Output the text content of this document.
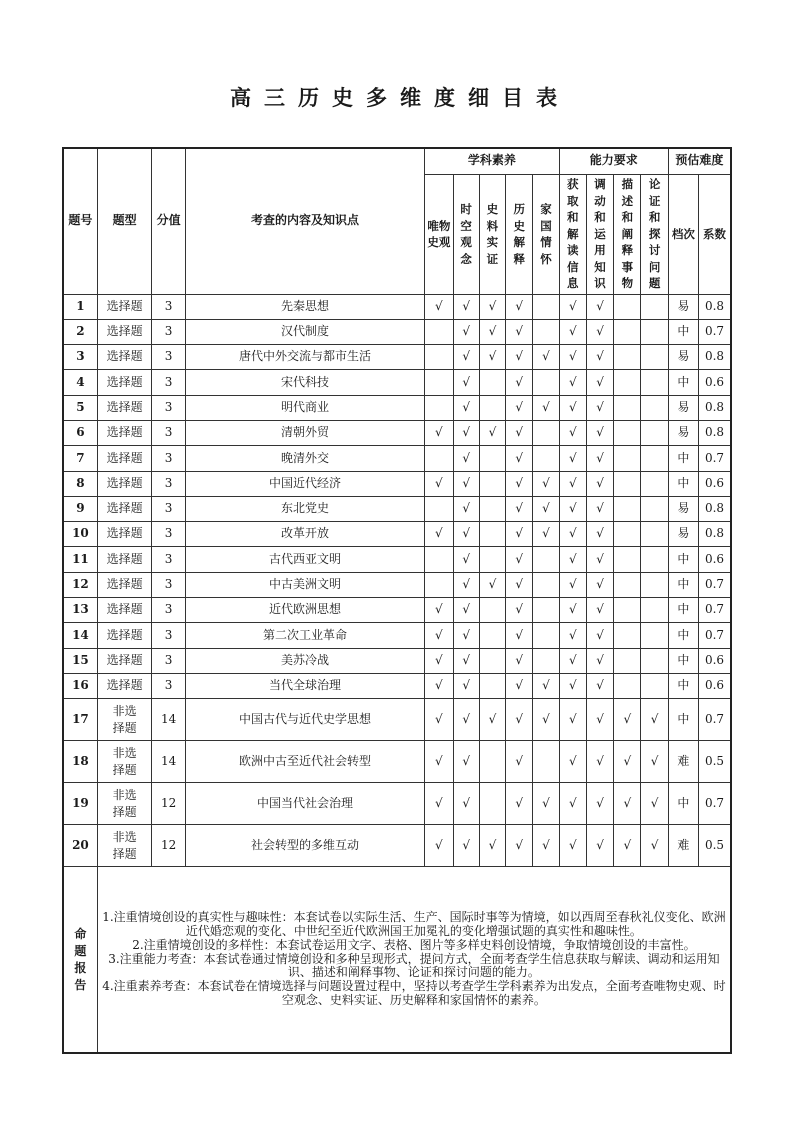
高三历史多维度细目表
题号	题型	分值	考查的内容及知识点	学科素养					能力要求				预估难度	

				唯物史观	时空观念	史料实证	历史解释	家国情怀	获取和解读信息	调动和运用知识	描述和阐释事物	论证和探讨问题	档次	系数

1	选择题	3	先秦思想	√	√	√	√		√	√			易	0.8
2	选择题	3	汉代制度		√	√	√		√	√			中	0.7
3	选择题	3	唐代中外交流与都市生活		√	√	√	√	√	√			易	0.8
4	选择题	3	宋代科技		√		√		√	√			中	0.6
5	选择题	3	明代商业		√		√	√	√	√			易	0.8
6	选择题	3	清朝外贸	√	√	√	√		√	√			易	0.8
7	选择题	3	晚清外交		√		√		√	√			中	0.7
8	选择题	3	中国近代经济	√	√		√	√	√	√			中	0.6
9	选择题	3	东北党史		√		√	√	√	√			易	0.8
10	选择题	3	改革开放	√	√		√	√	√	√			易	0.8
11	选择题	3	古代西亚文明		√		√		√	√			中	0.6
12	选择题	3	中古美洲文明		√	√	√		√	√			中	0.7
13	选择题	3	近代欧洲思想	√	√		√		√	√			中	0.7
14	选择题	3	第二次工业革命	√	√		√		√	√			中	0.7
15	选择题	3	美苏冷战	√	√		√		√	√			中	0.6
16	选择题	3	当代全球治理	√	√		√	√	√	√			中	0.6
17	非选择题	14	中国古代与近代史学思想	√	√	√	√	√	√	√	√	√	中	0.7
18	非选择题	14	欧洲中古至近代社会转型	√	√		√		√	√	√	√	难	0.5
19	非选择题	12	中国当代社会治理	√	√		√	√	√	√	√	√	中	0.7
20	非选择题	12	社会转型的多维互动	√	√	√	√	√	√	√	√	√	难	0.5

命题报告	1.注重情境创设的真实性与趣味性：本套试卷以实际生活、生产、国际时事等为情境，如以西周至春秋礼仪变化、欧洲近代婚恋观的变化、中世纪至近代欧洲国王加冕礼的变化增强试题的真实性和趣味性。

2.注重情境创设的多样性：本套试卷运用文字、表格、图片等多样史料创设情境，争取情境创设的丰富性。

3.注重能力考查：本套试卷通过情境创设和多种呈现形式，提问方式，全面考查学生信息获取与解读、调动和运用知识、描述和阐释事物、论证和探讨问题的能力。

4.注重素养考查：本套试卷在情境选择与问题设置过程中，坚持以考查学生学科素养为出发点，全面考查唯物史观、时空观念、史料实证、历史解释和家国情怀的素养。													
